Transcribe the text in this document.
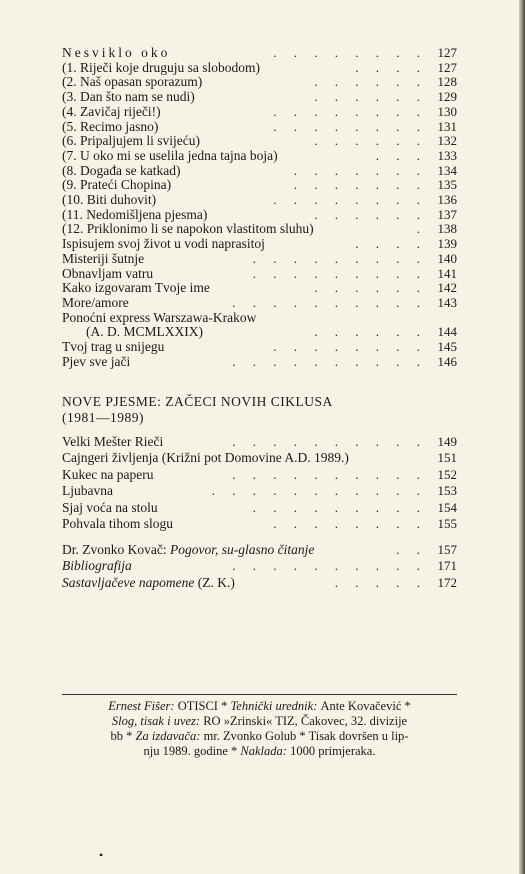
Nesviklo oko	. . . . . . . . 127
(1. Riječi koje druguju sa slobodom)	. . . . 127
(2. Naš opasan sporazum)	. . . . . . 128
(3. Dan što nam se nudi)	. . . . . . 129
(4. Zavičaj riječi!)	. . . . . . . . 130
(5. Recimo jasno)	. . . . . . . . 131
(6. Pripaljujem li svijeću)	. . . . . . 132
(7. U oko mi se uselila jedna tajna boja)	. . . 133
(8. Događa se katkad)	. . . . . . . 134
(9. Prateći Chopina)	. . . . . . . 135
(10. Biti duhovit)	. . . . . . . . 136
(11. Nedomišljena pjesma)	. . . . . . 137
(12. Priklonimo li se napokon vlastitom sluhu)	. 138
Ispisujem svoj život u vodi naprasitoj	. . . . 139
Misteriji šutnje	. . . . . . . . . 140
Obnavljam vatru	. . . . . . . . . 141
Kako izgovaram Tvoje ime	. . . . . . 142
More/amore	. . . . . . . . . . 143
Ponoćni express Warszawa-Krakow
(A. D. MCMLXXIX)	. . . . . . 144
Tvoj trag u snijegu	. . . . . . . . 145
Pjev sve jači	. . . . . . . . . . 146
NOVE PJESME: ZAČECI NOVIH CIKLUSA
(1981—1989)
Velki Mešter Rieči	. . . . . . . . . . 149
Cajngeri življenja (Križni pot Domovine A.D. 1989.)	151
Kukec na paperu	. . . . . . . . . . 152
Ljubavna	. . . . . . . . . . . 153
Sjaj voća na stolu	. . . . . . . . . 154
Pohvala tihom slogu	. . . . . . . . 155
Dr. Zvonko Kovač: Pogovor, su-glasno čitanje	. . 157
Bibliografija	. . . . . . . . . . 171
Sastavljačeve napomene (Z. K.)	. . . . . 172
Ernest Fišer: OTISCI * Tehnički urednik: Ante Kovačević *
Slog, tisak i uvez: RO »Zrinski« TIZ, Čakovec, 32. divizije
bb * Za izdavača: mr. Zvonko Golub * Tisak dovršen u lip-
nju 1989. godine * Naklada: 1000 primjeraka.
•
